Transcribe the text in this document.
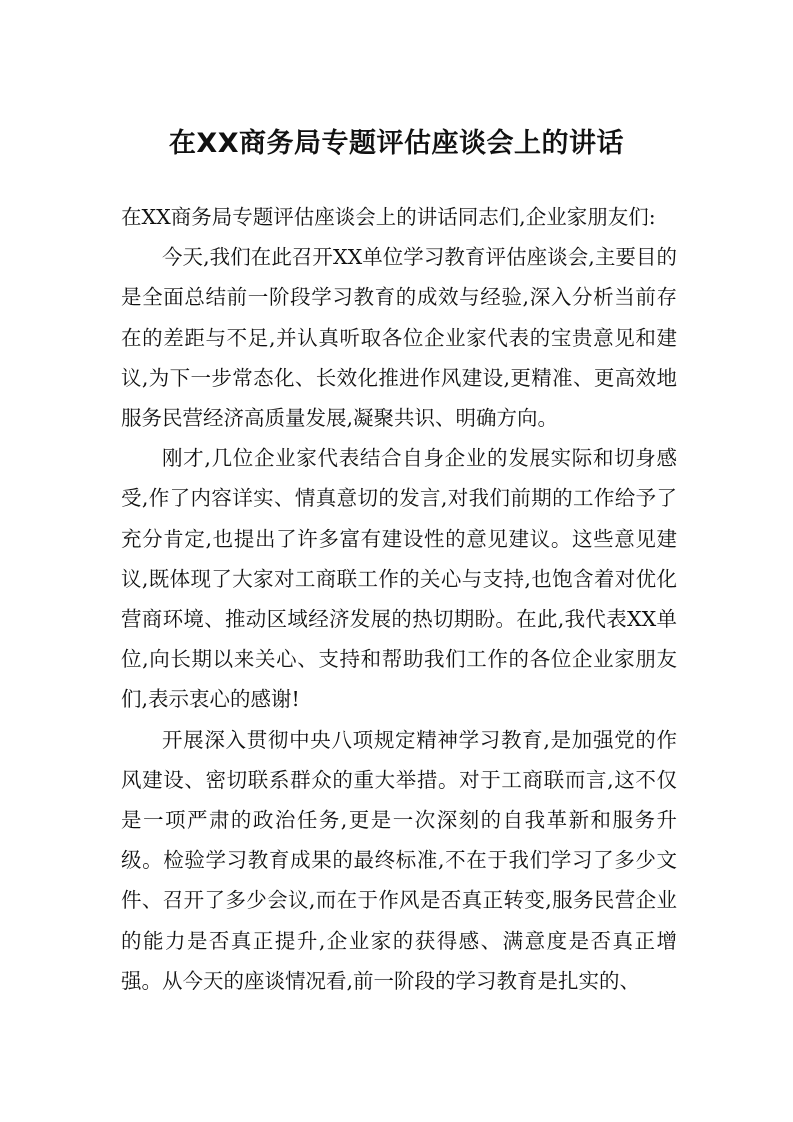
在XX商务局专题评估座谈会上的讲话

在XX商务局专题评估座谈会上的讲话同志们,企业家朋友们:

今天,我们在此召开XX单位学习教育评估座谈会,主要目的是全面总结前一阶段学习教育的成效与经验,深入分析当前存在的差距与不足,并认真听取各位企业家代表的宝贵意见和建议,为下一步常态化、长效化推进作风建设,更精准、更高效地服务民营经济高质量发展,凝聚共识、明确方向。

刚才,几位企业家代表结合自身企业的发展实际和切身感受,作了内容详实、情真意切的发言,对我们前期的工作给予了充分肯定,也提出了许多富有建设性的意见建议。这些意见建议,既体现了大家对工商联工作的关心与支持,也饱含着对优化营商环境、推动区域经济发展的热切期盼。在此,我代表XX单位,向长期以来关心、支持和帮助我们工作的各位企业家朋友们,表示衷心的感谢!

开展深入贯彻中央八项规定精神学习教育,是加强党的作风建设、密切联系群众的重大举措。对于工商联而言,这不仅是一项严肃的政治任务,更是一次深刻的自我革新和服务升级。检验学习教育成果的最终标准,不在于我们学习了多少文件、召开了多少会议,而在于作风是否真正转变,服务民营企业的能力是否真正提升,企业家的获得感、满意度是否真正增强。从今天的座谈情况看,前一阶段的学习教育是扎实的、
